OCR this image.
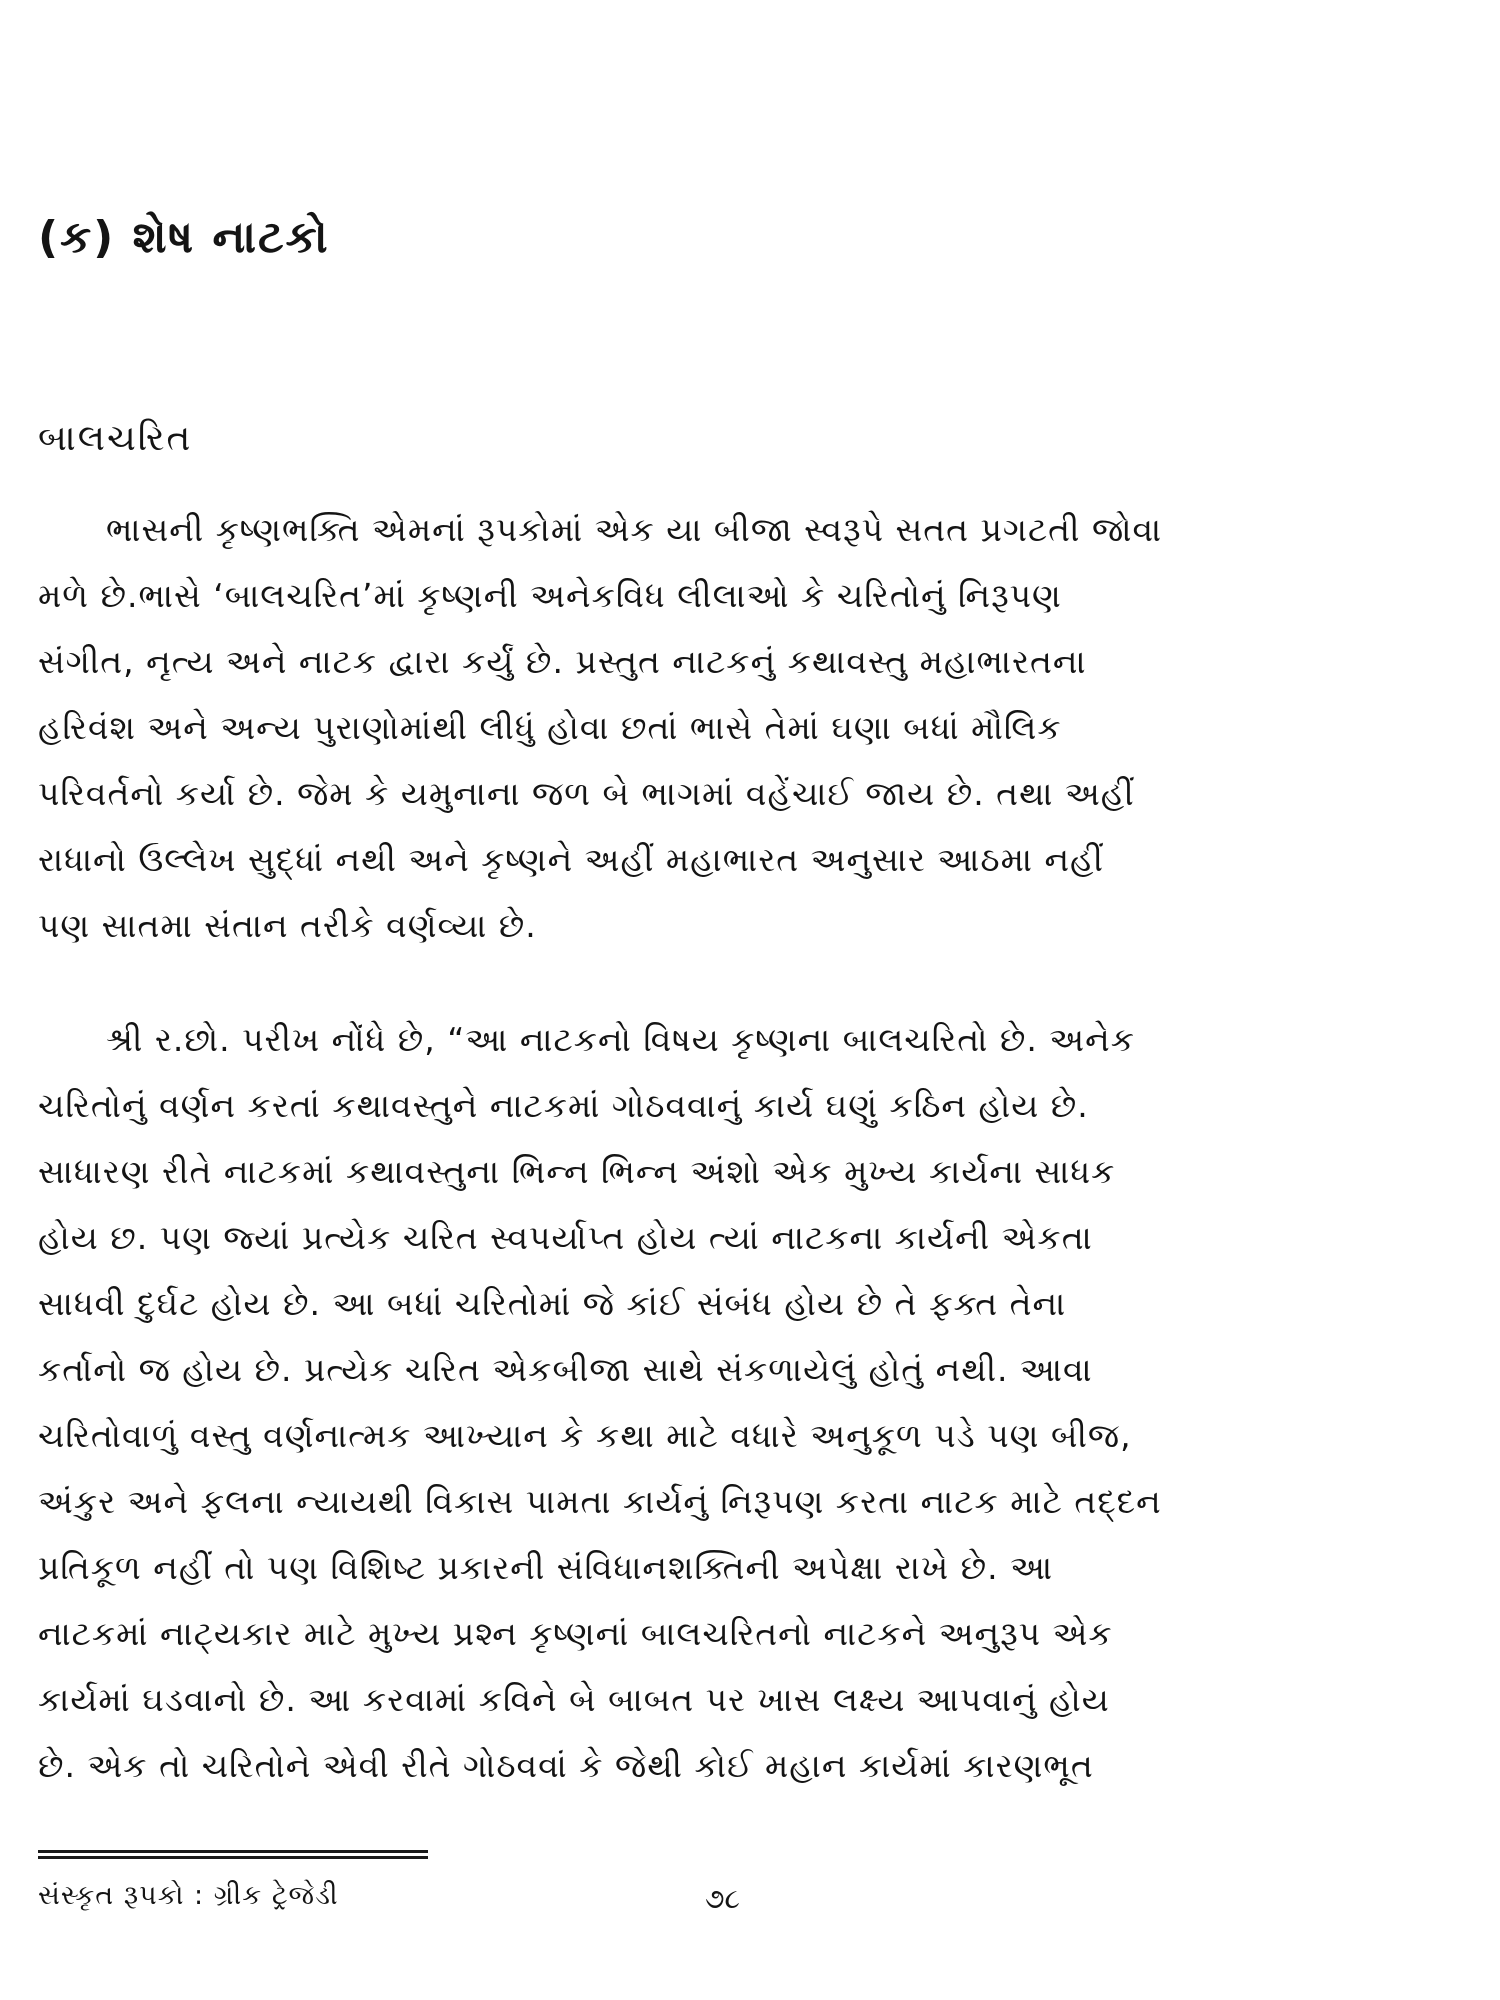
(ક) શેષ નાટકો
બાલચરિત
ભાસની કૃષ્ણભક્તિ એમનાં રૂપકોમાં એક યા બીજા સ્વરૂપે સતત પ્રગટતી જોવા
મળે છે.ભાસે ‘બાલચરિત’માં કૃષ્ણની અનેકવિધ લીલાઓ કે ચરિતોનું નિરૂપણ
સંગીત, નૃત્ય અને નાટક દ્વારા કર્યું છે. પ્રસ્તુત નાટકનું કથાવસ્તુ મહાભારતના
હરિવંશ અને અન્ય પુરાણોમાંથી લીધું હોવા છતાં ભાસે તેમાં ઘણા બધાં મૌલિક
પરિવર્તનો કર્યા છે. જેમ કે યમુનાના જળ બે ભાગમાં વહેંચાઈ જાય છે. તથા અહીં
રાધાનો ઉલ્લેખ સુદ્ધાં નથી અને કૃષ્ણને અહીં મહાભારત અનુસાર આઠમા નહીં
પણ સાતમા સંતાન તરીકે વર્ણવ્યા છે.
શ્રી ર.છો. પરીખ નોંધે છે, “આ નાટકનો વિષય કૃષ્ણના બાલચરિતો છે. અનેક
ચરિતોનું વર્ણન કરતાં કથાવસ્તુને નાટકમાં ગોઠવવાનું કાર્ય ઘણું કઠિન હોય છે.
સાધારણ રીતે નાટકમાં કથાવસ્તુના ભિન્ન ભિન્ન અંશો એક મુખ્ય કાર્યના સાધક
હોય છ. પણ જ્યાં પ્રત્યેક ચરિત સ્વપર્યાપ્ત હોય ત્યાં નાટકના કાર્યની એકતા
સાધવી દુર્ઘટ હોય છે. આ બધાં ચરિતોમાં જે કાંઈ સંબંધ હોય છે તે ફક્ત તેના
કર્તાનો જ હોય છે. પ્રત્યેક ચરિત એકબીજા સાથે સંકળાયેલું હોતું નથી. આવા
ચરિતોવાળું વસ્તુ વર્ણનાત્મક આખ્યાન કે કથા માટે વધારે અનુકૂળ પડે પણ બીજ,
અંકુર અને ફલના ન્યાયથી વિકાસ પામતા કાર્યનું નિરૂપણ કરતા નાટક માટે તદ્દન
પ્રતિકૂળ નહીં તો પણ વિશિષ્ટ પ્રકારની સંવિધાનશક્તિની અપેક્ષા રાખે છે. આ
નાટકમાં નાટ્યકાર માટે મુખ્ય પ્રશ્ન કૃષ્ણનાં બાલચરિતનો નાટકને અનુરૂપ એક
કાર્યમાં ઘડવાનો છે. આ કરવામાં કવિને બે બાબત પર ખાસ લક્ષ્ય આપવાનું હોય
છે. એક તો ચરિતોને એવી રીતે ગોઠવવાં કે જેથી કોઈ મહાન કાર્યમાં કારણભૂત

સંસ્કૃત રૂપકો : ગ્રીક ટ્રેજેડી	૭૮
